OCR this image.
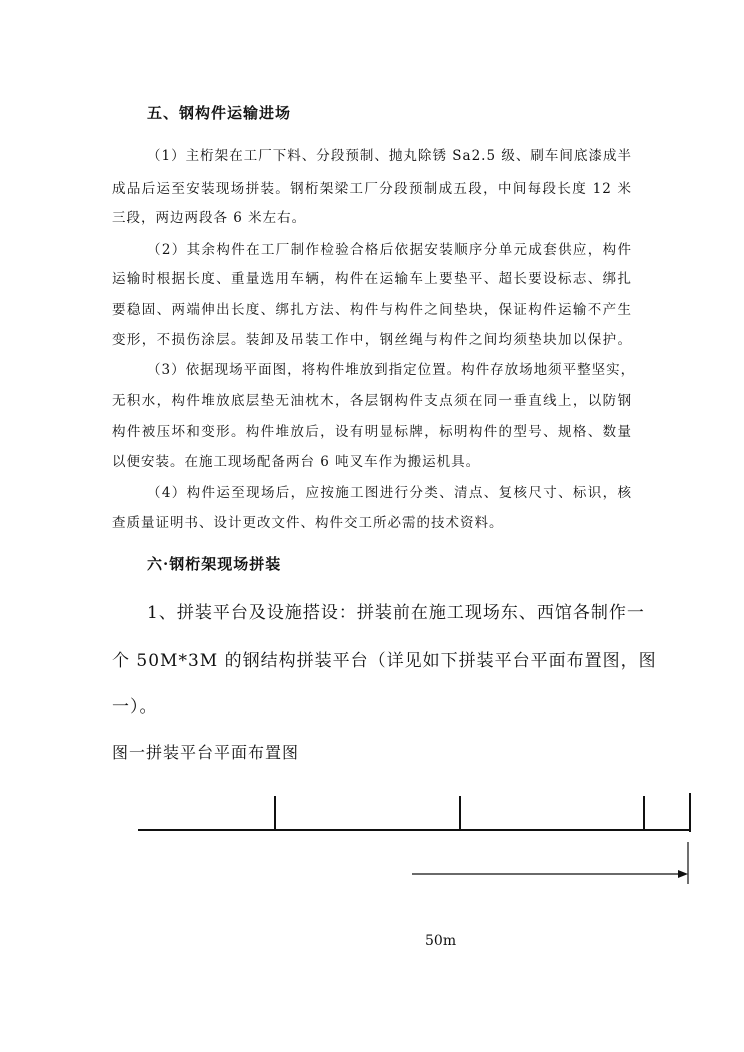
五、钢构件运输进场
（1）主桁架在工厂下料、分段预制、抛丸除锈 Sa2.5 级、刷车间底漆成半
成品后运至安装现场拼装。钢桁架梁工厂分段预制成五段，中间每段长度 12 米
三段，两边两段各 6 米左右。
（2）其余构件在工厂制作检验合格后依据安装顺序分单元成套供应，构件
运输时根据长度、重量选用车辆，构件在运输车上要垫平、超长要设标志、绑扎
要稳固、两端伸出长度、绑扎方法、构件与构件之间垫块，保证构件运输不产生
变形，不损伤涂层。装卸及吊装工作中，钢丝绳与构件之间均须垫块加以保护。
（3）依据现场平面图，将构件堆放到指定位置。构件存放场地须平整坚实，
无积水，构件堆放底层垫无油枕木，各层钢构件支点须在同一垂直线上，以防钢
构件被压坏和变形。构件堆放后，设有明显标牌，标明构件的型号、规格、数量
以便安装。在施工现场配备两台 6 吨叉车作为搬运机具。
（4）构件运至现场后，应按施工图进行分类、清点、复核尺寸、标识，核
查质量证明书、设计更改文件、构件交工所必需的技术资料。
六·钢桁架现场拼装
1、拼装平台及设施搭设：拼装前在施工现场东、西馆各制作一
个 50M*3M 的钢结构拼装平台（详见如下拼装平台平面布置图，图
一）。
图一拼装平台平面布置图
50m
